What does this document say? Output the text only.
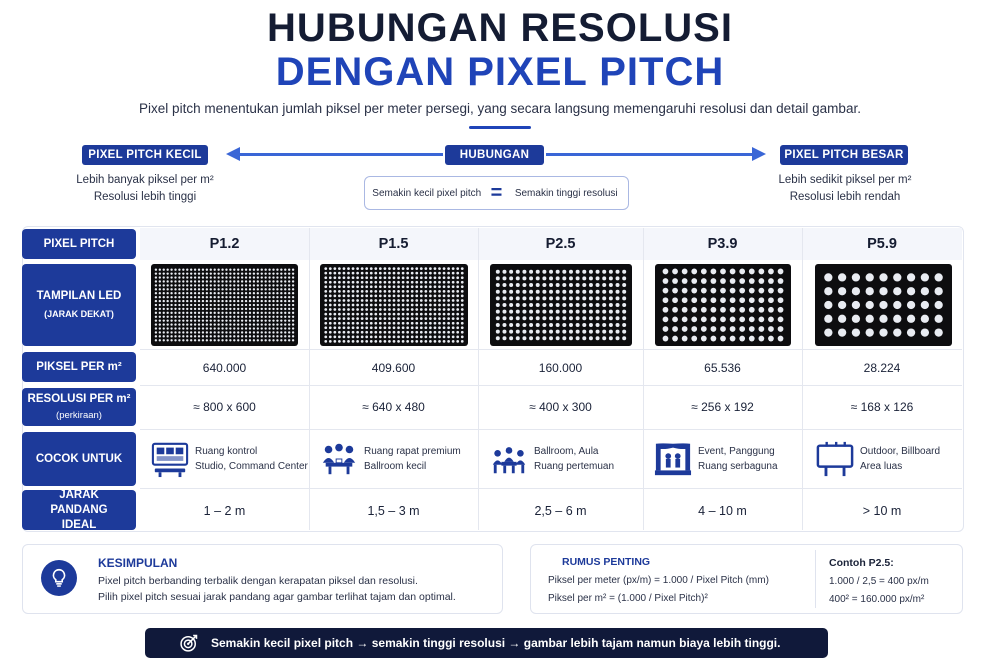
HUBUNGAN RESOLUSI
DENGAN PIXEL PITCH
Pixel pitch menentukan jumlah piksel per meter persegi, yang secara langsung memengaruhi resolusi dan detail gambar.
PIXEL PITCH KECIL
Lebih banyak piksel per m²
Resolusi lebih tinggi
HUBUNGAN
Semakin kecil pixel pitch =	Semakin tinggi resolusi
PIXEL PITCH BESAR
Lebih sedikit piksel per m²
Resolusi lebih rendah
PIXEL PITCH
TAMPILAN LED
(JARAK DEKAT)
PIKSEL PER m²
RESOLUSI PER m²
(perkiraan)
COCOK UNTUK
JARAK PANDANG IDEAL
P1.2
640.000
≈ 800 x 600
Ruang kontrol
Studio, Command Center
1 – 2 m
P1.5
409.600
≈ 640 x 480
Ruang rapat premium
Ballroom kecil
1,5 – 3 m
P2.5
160.000
≈ 400 x 300
Ballroom, Aula
Ruang pertemuan
2,5 – 6 m
P3.9
65.536
≈ 256 x 192
Event, Panggung
Ruang serbaguna
4 – 10 m
P5.9
28.224
≈ 168 x 126
Outdoor, Billboard
Area luas
> 10 m
KESIMPULAN
Pixel pitch berbanding terbalik dengan kerapatan piksel dan resolusi.
Pilih pixel pitch sesuai jarak pandang agar gambar terlihat tajam dan optimal.
RUMUS PENTING
Piksel per meter (px/m) = 1.000 / Pixel Pitch (mm)
Piksel per m² = (1.000 / Pixel Pitch)²
Contoh P2.5:
1.000 / 2,5 = 400 px/m
400² = 160.000 px/m²
Semakin kecil pixel pitch → semakin tinggi resolusi → gambar lebih tajam namun biaya lebih tinggi.
